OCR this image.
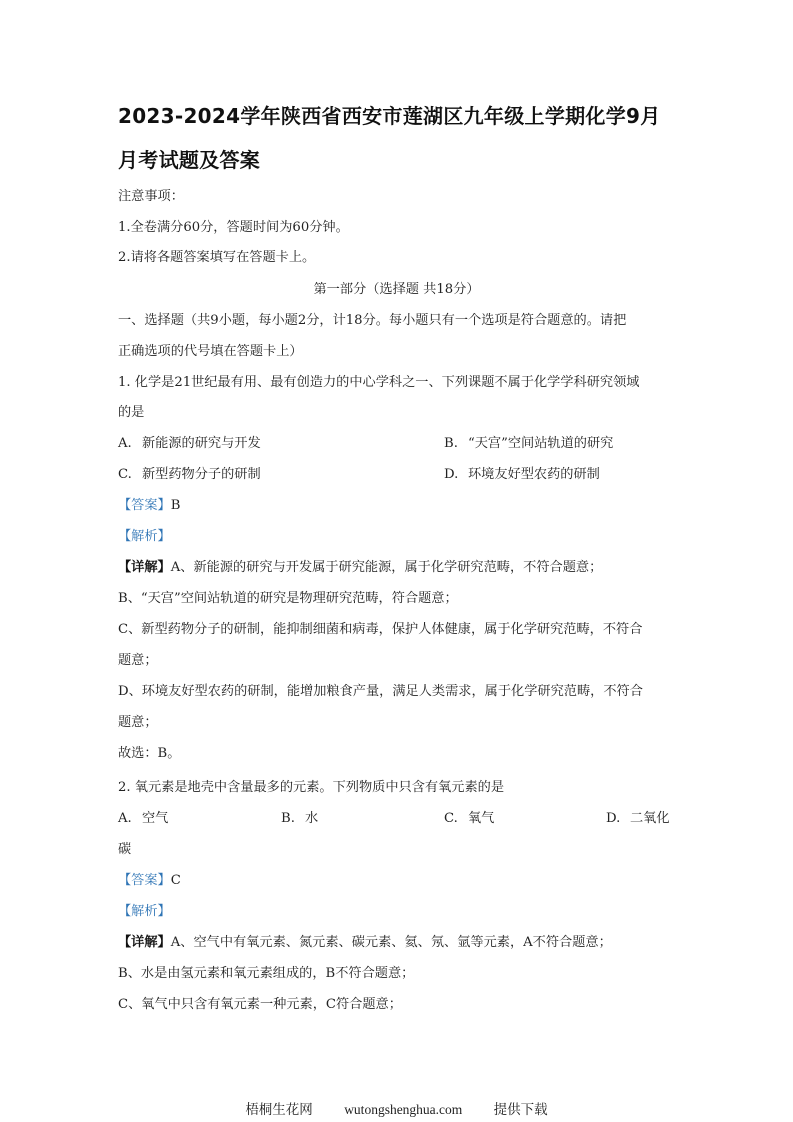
2023-2024学年陕西省西安市莲湖区九年级上学期化学9月
月考试题及答案
注意事项：
1.全卷满分60分，答题时间为60分钟。
2.请将各题答案填写在答题卡上。
第一部分（选择题 共18分）
一、选择题（共9小题，每小题2分，计18分。每小题只有一个选项是符合题意的。请把
正确选项的代号填在答题卡上）
1. 化学是21世纪最有用、最有创造力的中心学科之一、下列课题不属于化学学科研究领域
的是
A. 新能源的研究与开发	B. “天宫”空间站轨道的研究
C. 新型药物分子的研制	D. 环境友好型农药的研制
【答案】B
【解析】
【详解】A、新能源的研究与开发属于研究能源，属于化学研究范畴，不符合题意；
B、“天宫”空间站轨道的研究是物理研究范畴，符合题意；
C、新型药物分子的研制，能抑制细菌和病毒，保护人体健康，属于化学研究范畴，不符合
题意；
D、环境友好型农药的研制，能增加粮食产量，满足人类需求，属于化学研究范畴，不符合
题意；
故选：B。
2. 氧元素是地壳中含量最多的元素。下列物质中只含有氧元素的是
A. 空气	B. 水	C. 氧气	D. 二氧化
碳
【答案】C
【解析】
【详解】A、空气中有氧元素、氮元素、碳元素、氦、氖、氩等元素，A不符合题意；
B、水是由氢元素和氧元素组成的，B不符合题意；
C、氧气中只含有氧元素一种元素，C符合题意；
梧桐生花网 wutongshenghua.com 提供下载
